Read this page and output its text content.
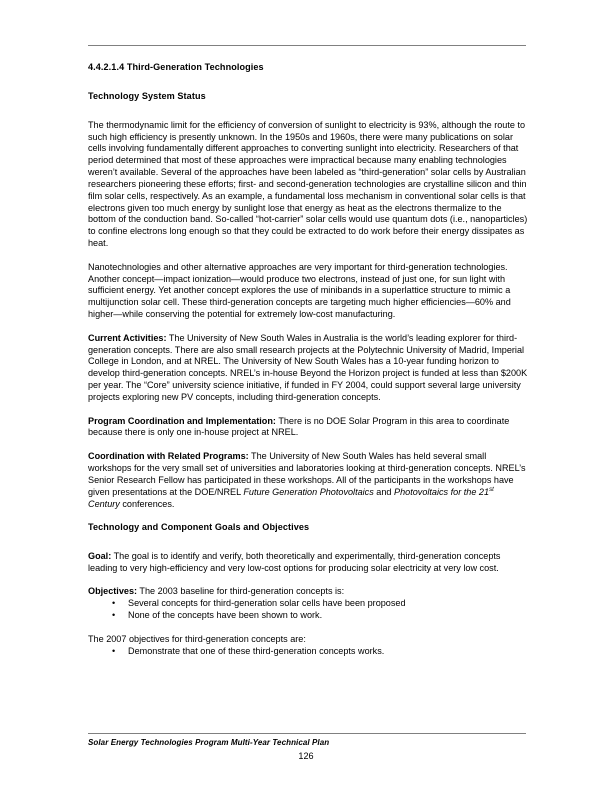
4.4.2.1.4 Third-Generation Technologies
Technology System Status

The thermodynamic limit for the efficiency of conversion of sunlight to electricity is 93%, although the route to such high efficiency is presently unknown. In the 1950s and 1960s, there were many publications on solar cells involving fundamentally different approaches to converting sunlight into electricity. Researchers of that period determined that most of these approaches were impractical because many enabling technologies weren’t available. Several of the approaches have been labeled as “third-generation” solar cells by Australian researchers pioneering these efforts; first- and second-generation technologies are crystalline silicon and thin film solar cells, respectively. As an example, a fundamental loss mechanism in conventional solar cells is that electrons given too much energy by sunlight lose that energy as heat as the electrons thermalize to the bottom of the conduction band. So-called “hot-carrier” solar cells would use quantum dots (i.e., nanoparticles) to confine electrons long enough so that they could be extracted to do work before their energy dissipates as heat.

Nanotechnologies and other alternative approaches are very important for third-generation technologies. Another concept—impact ionization—would produce two electrons, instead of just one, for sun light with sufficient energy. Yet another concept explores the use of minibands in a superlattice structure to mimic a multijunction solar cell. These third-generation concepts are targeting much higher efficiencies—60% and higher—while conserving the potential for extremely low-cost manufacturing.

Current Activities: The University of New South Wales in Australia is the world’s leading explorer for third-generation concepts. There are also small research projects at the Polytechnic University of Madrid, Imperial College in London, and at NREL. The University of New South Wales has a 10-year funding horizon to develop third-generation concepts. NREL’s in-house Beyond the Horizon project is funded at less than $200K per year. The “Core” university science initiative, if funded in FY 2004, could support several large university projects exploring new PV concepts, including third-generation concepts.

Program Coordination and Implementation: There is no DOE Solar Program in this area to coordinate because there is only one in-house project at NREL.

Coordination with Related Programs: The University of New South Wales has held several small workshops for the very small set of universities and laboratories looking at third-generation concepts. NREL’s Senior Research Fellow has participated in these workshops. All of the participants in the workshops have given presentations at the DOE/NREL Future Generation Photovoltaics and Photovoltaics for the 21st Century conferences.

Technology and Component Goals and Objectives

Goal: The goal is to identify and verify, both theoretically and experimentally, third-generation concepts leading to very high-efficiency and very low-cost options for producing solar electricity at very low cost.

Objectives: The 2003 baseline for third-generation concepts is:

• Several concepts for third-generation solar cells have been proposed
• None of the concepts have been shown to work.

The 2007 objectives for third-generation concepts are:

• Demonstrate that one of these third-generation concepts works.
Solar Energy Technologies Program Multi-Year Technical Plan
126
